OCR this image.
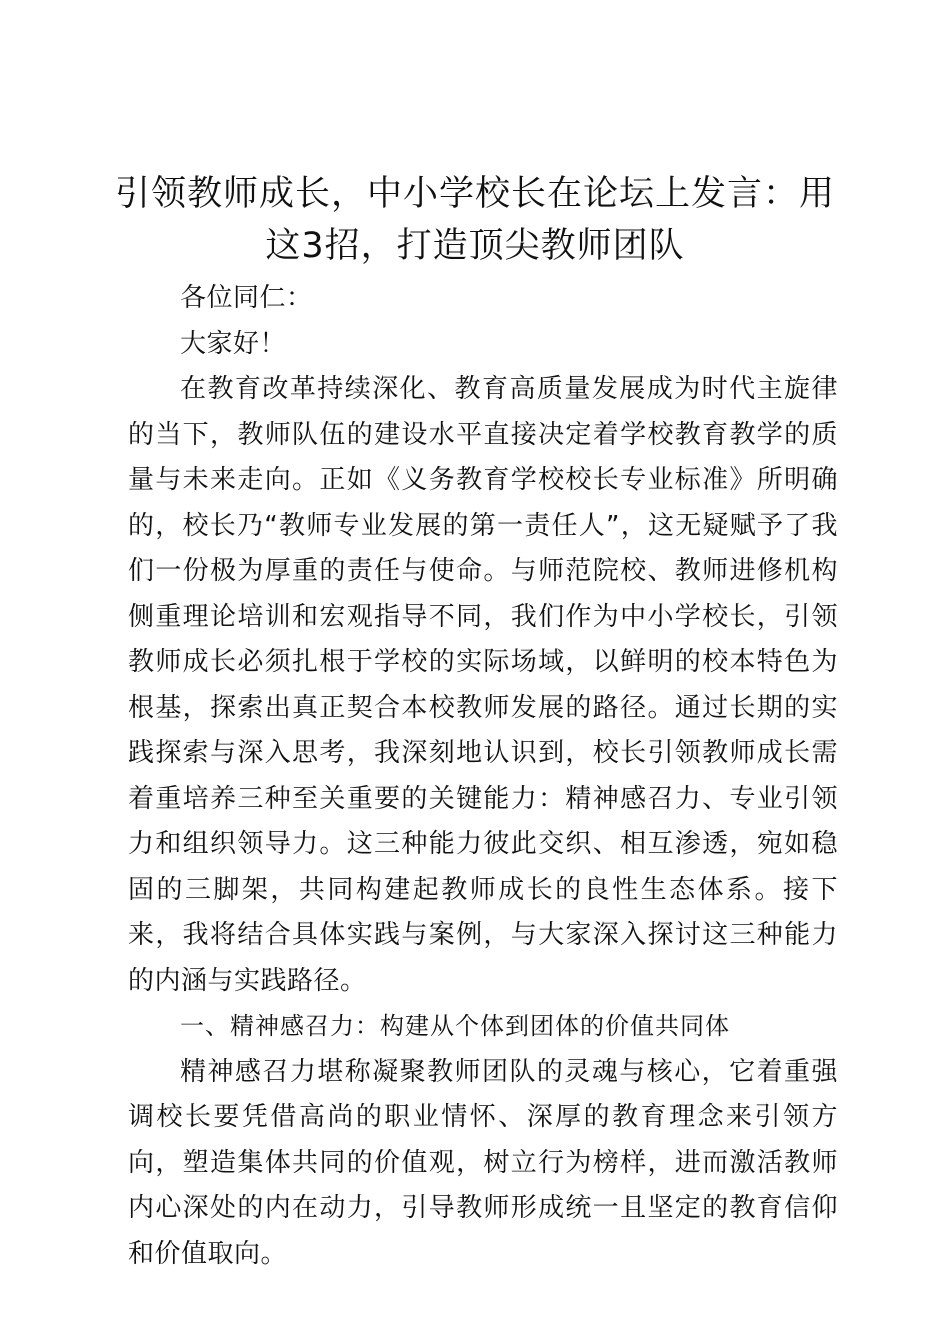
引领教师成长，中小学校长在论坛上发言：用
这3招，打造顶尖教师团队

各位同仁：

大家好！

在教育改革持续深化、教育高质量发展成为时代主旋律的当下，教师队伍的建设水平直接决定着学校教育教学的质量与未来走向。正如《义务教育学校校长专业标准》所明确的，校长乃“教师专业发展的第一责任人”，这无疑赋予了我们一份极为厚重的责任与使命。与师范院校、教师进修机构侧重理论培训和宏观指导不同，我们作为中小学校长，引领教师成长必须扎根于学校的实际场域，以鲜明的校本特色为根基，探索出真正契合本校教师发展的路径。通过长期的实践探索与深入思考，我深刻地认识到，校长引领教师成长需着重培养三种至关重要的关键能力：精神感召力、专业引领力和组织领导力。这三种能力彼此交织、相互渗透，宛如稳固的三脚架，共同构建起教师成长的良性生态体系。接下来，我将结合具体实践与案例，与大家深入探讨这三种能力的内涵与实践路径。

一、精神感召力：构建从个体到团体的价值共同体

精神感召力堪称凝聚教师团队的灵魂与核心，它着重强调校长要凭借高尚的职业情怀、深厚的教育理念来引领方向，塑造集体共同的价值观，树立行为榜样，进而激活教师内心深处的内在动力，引导教师形成统一且坚定的教育信仰和价值取向。
